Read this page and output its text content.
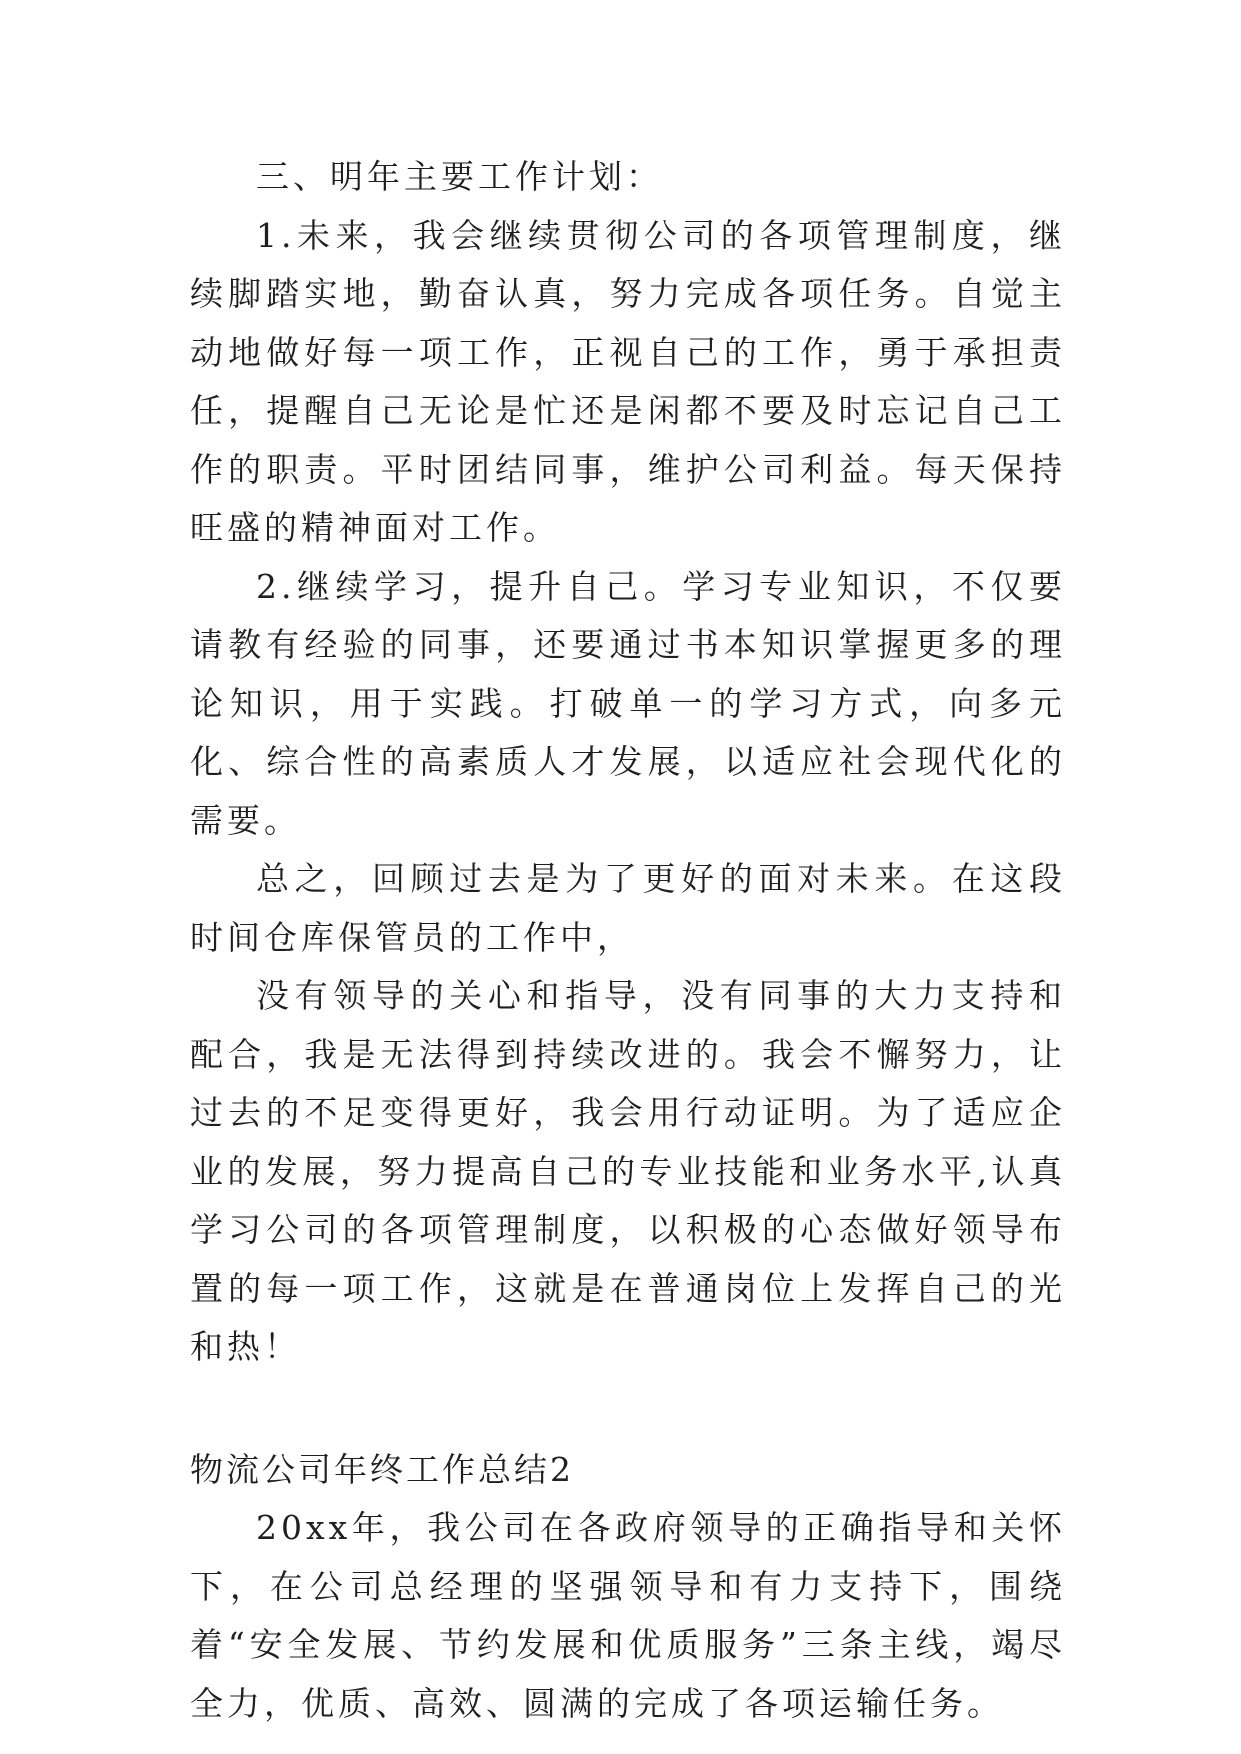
三、明年主要工作计划：

1.未来，我会继续贯彻公司的各项管理制度，继续脚踏实地，勤奋认真，努力完成各项任务。自觉主动地做好每一项工作，正视自己的工作，勇于承担责任，提醒自己无论是忙还是闲都不要及时忘记自己工作的职责。平时团结同事，维护公司利益。每天保持旺盛的精神面对工作。

2.继续学习，提升自己。学习专业知识，不仅要请教有经验的同事，还要通过书本知识掌握更多的理论知识，用于实践。打破单一的学习方式，向多元化、综合性的高素质人才发展，以适应社会现代化的需要。

总之，回顾过去是为了更好的面对未来。在这段时间仓库保管员的工作中，

没有领导的关心和指导，没有同事的大力支持和配合，我是无法得到持续改进的。我会不懈努力，让过去的不足变得更好，我会用行动证明。为了适应企业的发展，努力提高自己的专业技能和业务水平,认真学习公司的各项管理制度，以积极的心态做好领导布置的每一项工作，这就是在普通岗位上发挥自己的光和热！

物流公司年终工作总结2

20xx年，我公司在各政府领导的正确指导和关怀下，在公司总经理的坚强领导和有力支持下，围绕着“安全发展、节约发展和优质服务”三条主线，竭尽全力，优质、高效、圆满的完成了各项运输任务。
